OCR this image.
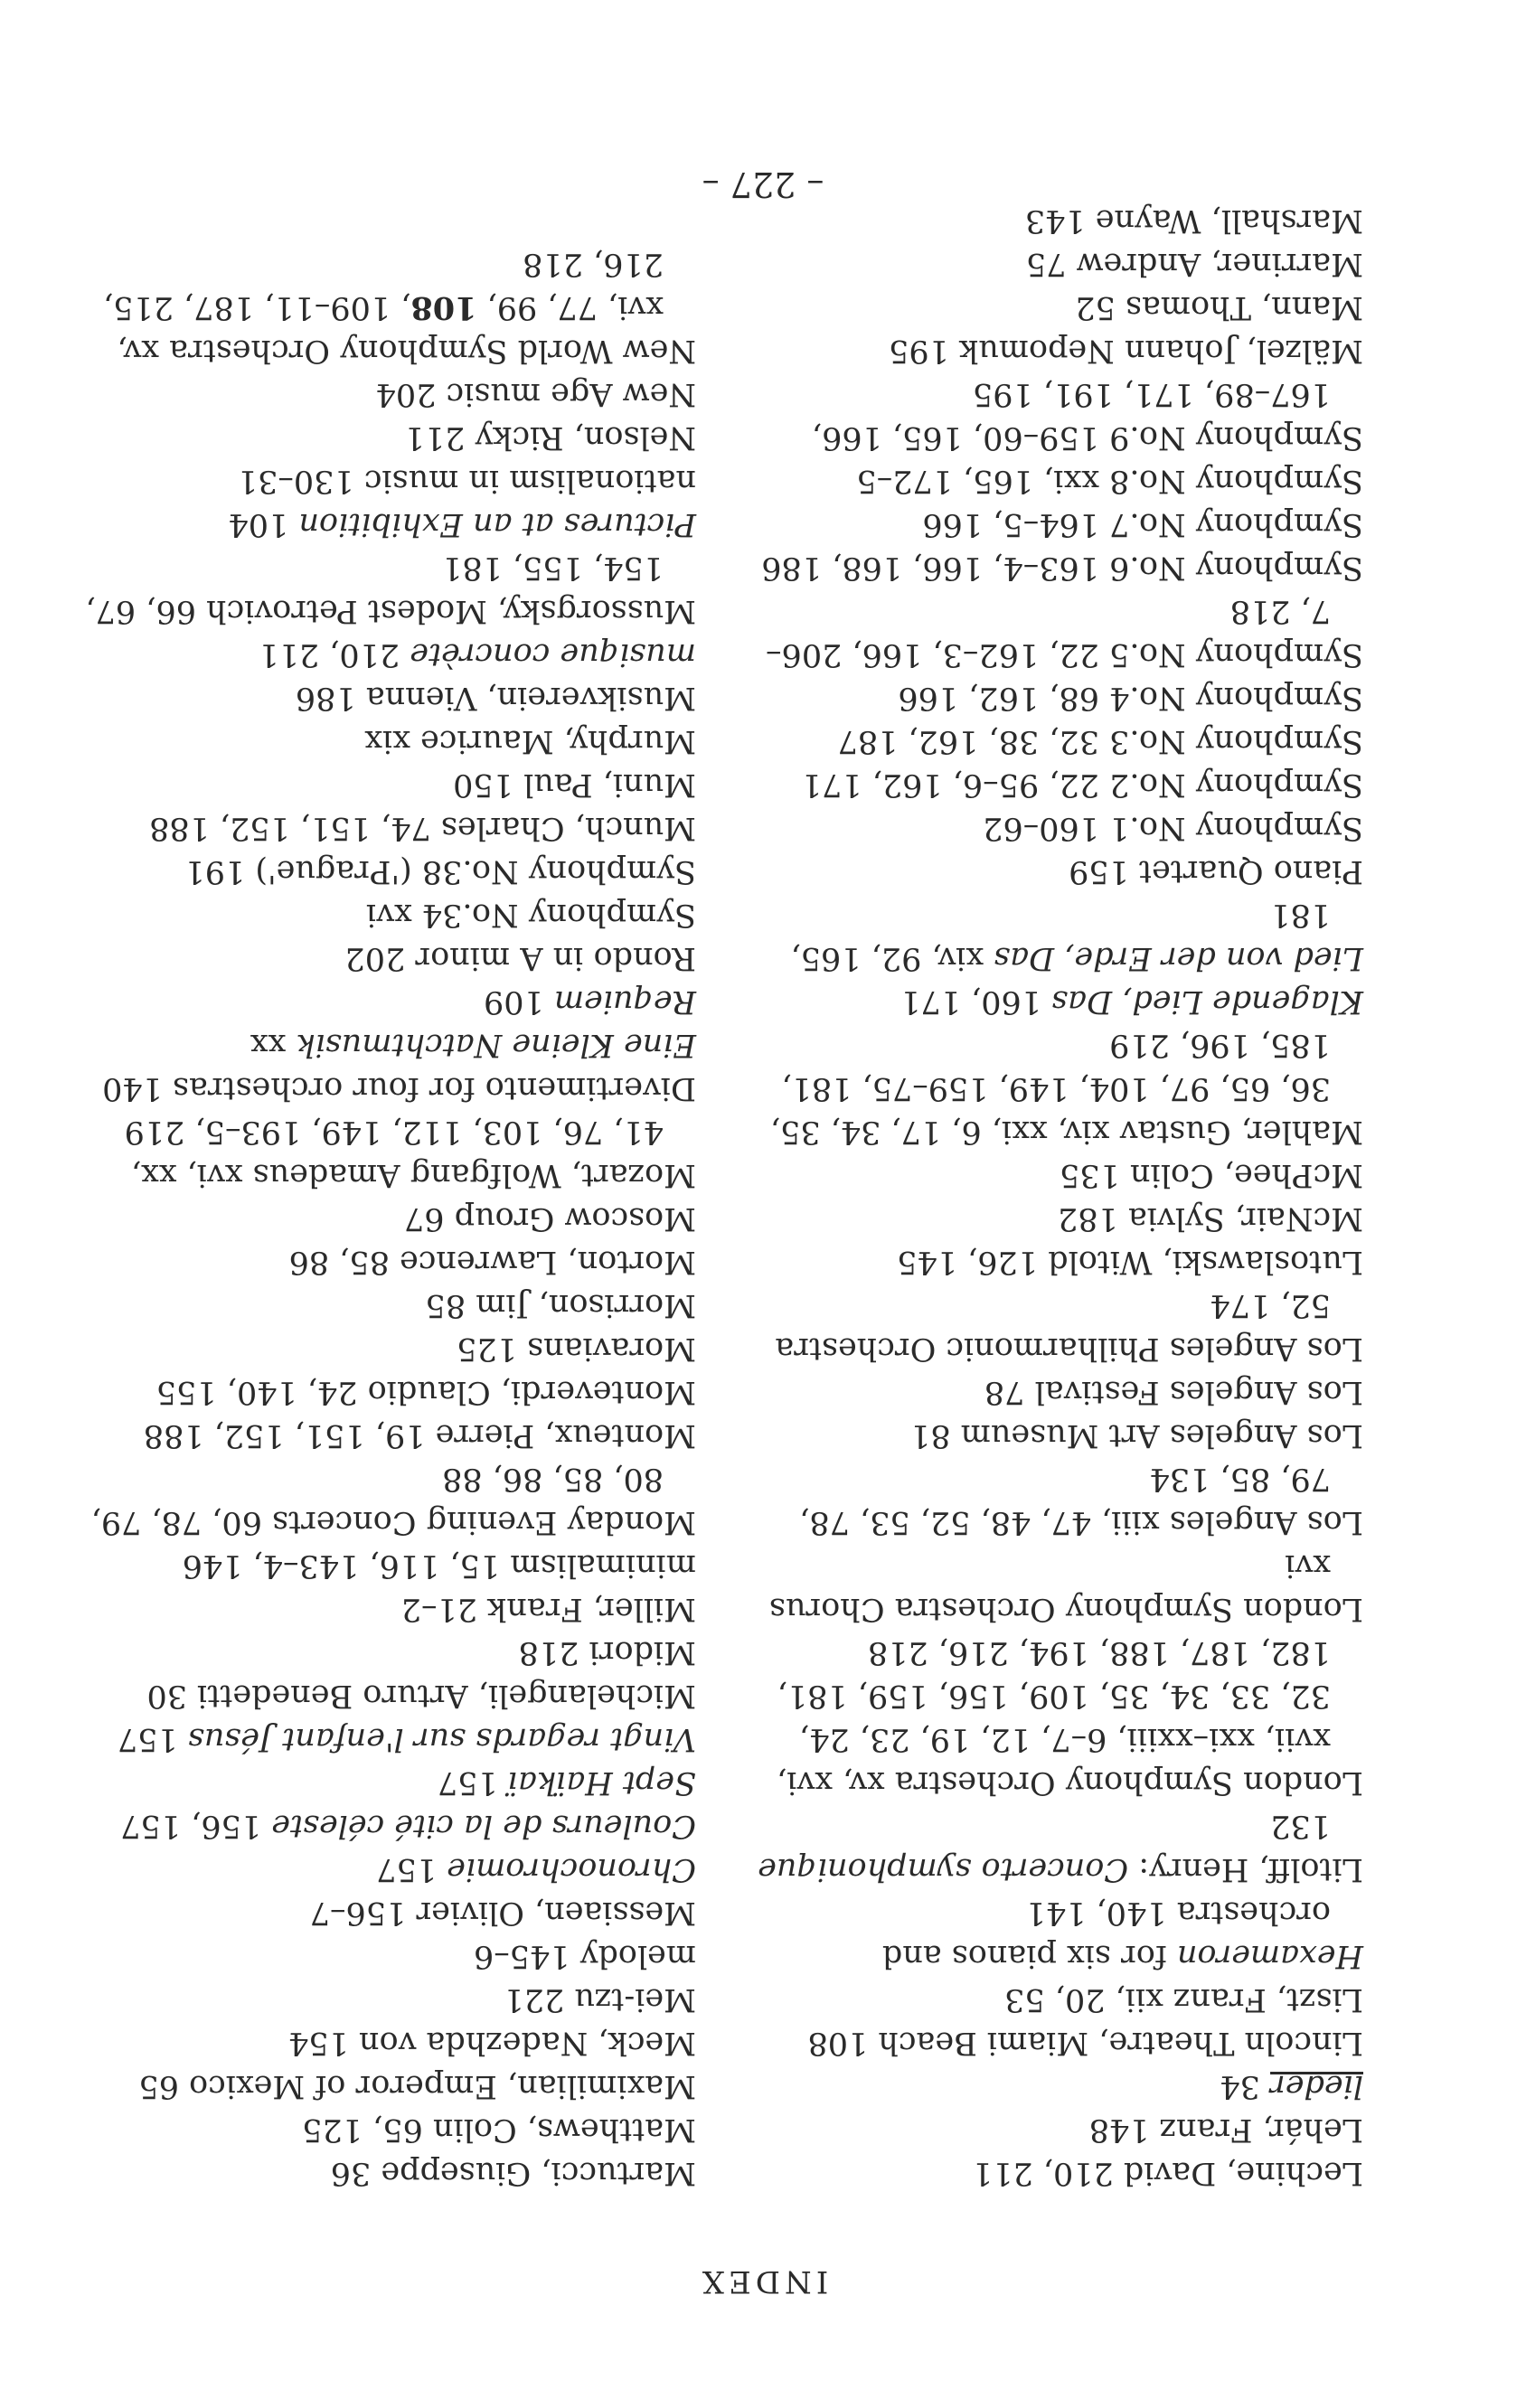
INDEX
Lechine, David 210, 211
Lehár, Franz 148
lieder 34
Lincoln Theatre, Miami Beach 108
Liszt, Franz xii, 20, 53
Hexameron for six pianos and orchestra 140, 141
Litolff, Henry: Concerto symphonique 132
London Symphony Orchestra xv, xvi, xvii, xxi–xxiii, 6–7, 12, 19, 23, 24, 32, 33, 34, 35, 109, 156, 159, 181, 182, 187, 188, 194, 216, 218
London Symphony Orchestra Chorus xvi
Los Angeles xiii, 47, 48, 52, 53, 78, 79, 85, 134
Los Angeles Art Museum 81
Los Angeles Festival 78
Los Angeles Philharmonic Orchestra 52, 174
Lutoslawski, Witold 126, 145
McNair, Sylvia 182
McPhee, Colin 135
Mahler, Gustav xiv, xxi, 6, 17, 34, 35, 36, 65, 97, 104, 149, 159–75, 181, 185, 196, 219
Klagende Lied, Das 160, 171
Lied von der Erde, Das xiv, 92, 165, 181
Piano Quartet 159
Symphony No.1 160–62
Symphony No.2 22, 95–6, 162, 171
Symphony No.3 32, 38, 162, 187
Symphony No.4 68, 162, 166
Symphony No.5 22, 162–3, 166, 206–7, 218
Symphony No.6 163–4, 166, 168, 186
Symphony No.7 164–5, 166
Symphony No.8 xxi, 165, 172–5
Symphony No.9 159–60, 165, 166, 167–89, 171, 191, 195
Mälzel, Johann Nepomuk 195
Mann, Thomas 52
Marriner, Andrew 75
Marshall, Wayne 143
Martucci, Giuseppe 36
Matthews, Colin 65, 125
Maximilian, Emperor of Mexico 65
Meck, Nadezhda von 154
Mei-tzu 221
melody 145–6
Messiaen, Olivier 156–7
Chronochromie 157
Couleurs de la cité céleste 156, 157
Sept Haïkaï 157
Vingt regards sur l'enfant Jésus 157
Michelangeli, Arturo Benedetti 30
Midori 218
Miller, Frank 21–2
minimalism 15, 116, 143–4, 146
Monday Evening Concerts 60, 78, 79, 80, 85, 86, 88
Monteux, Pierre 19, 151, 152, 188
Monteverdi, Claudio 24, 140, 155
Moravians 125
Morrison, Jim 85
Morton, Lawrence 85, 86
Moscow Group 67
Mozart, Wolfgang Amadeus xvi, xx, 41, 76, 103, 112, 149, 193–5, 219
Divertimento for four orchestras 140
Eine Kleine Natchtmusik xx
Requiem 109
Rondo in A minor 202
Symphony No.34 xvi
Symphony No.38 ('Prague') 191
Munch, Charles 74, 151, 152, 188
Muni, Paul 150
Murphy, Maurice xix
Musikverein, Vienna 186
musique concrète 210, 211
Mussorgsky, Modest Petrovich 66, 67, 154, 155, 181
Pictures at an Exhibition 104
nationalism in music 130–31
Nelson, Ricky 211
New Age music 204
New World Symphony Orchestra xv, xvi, 77, 99, 108, 109–11, 187, 215, 216, 218
– 227 –
